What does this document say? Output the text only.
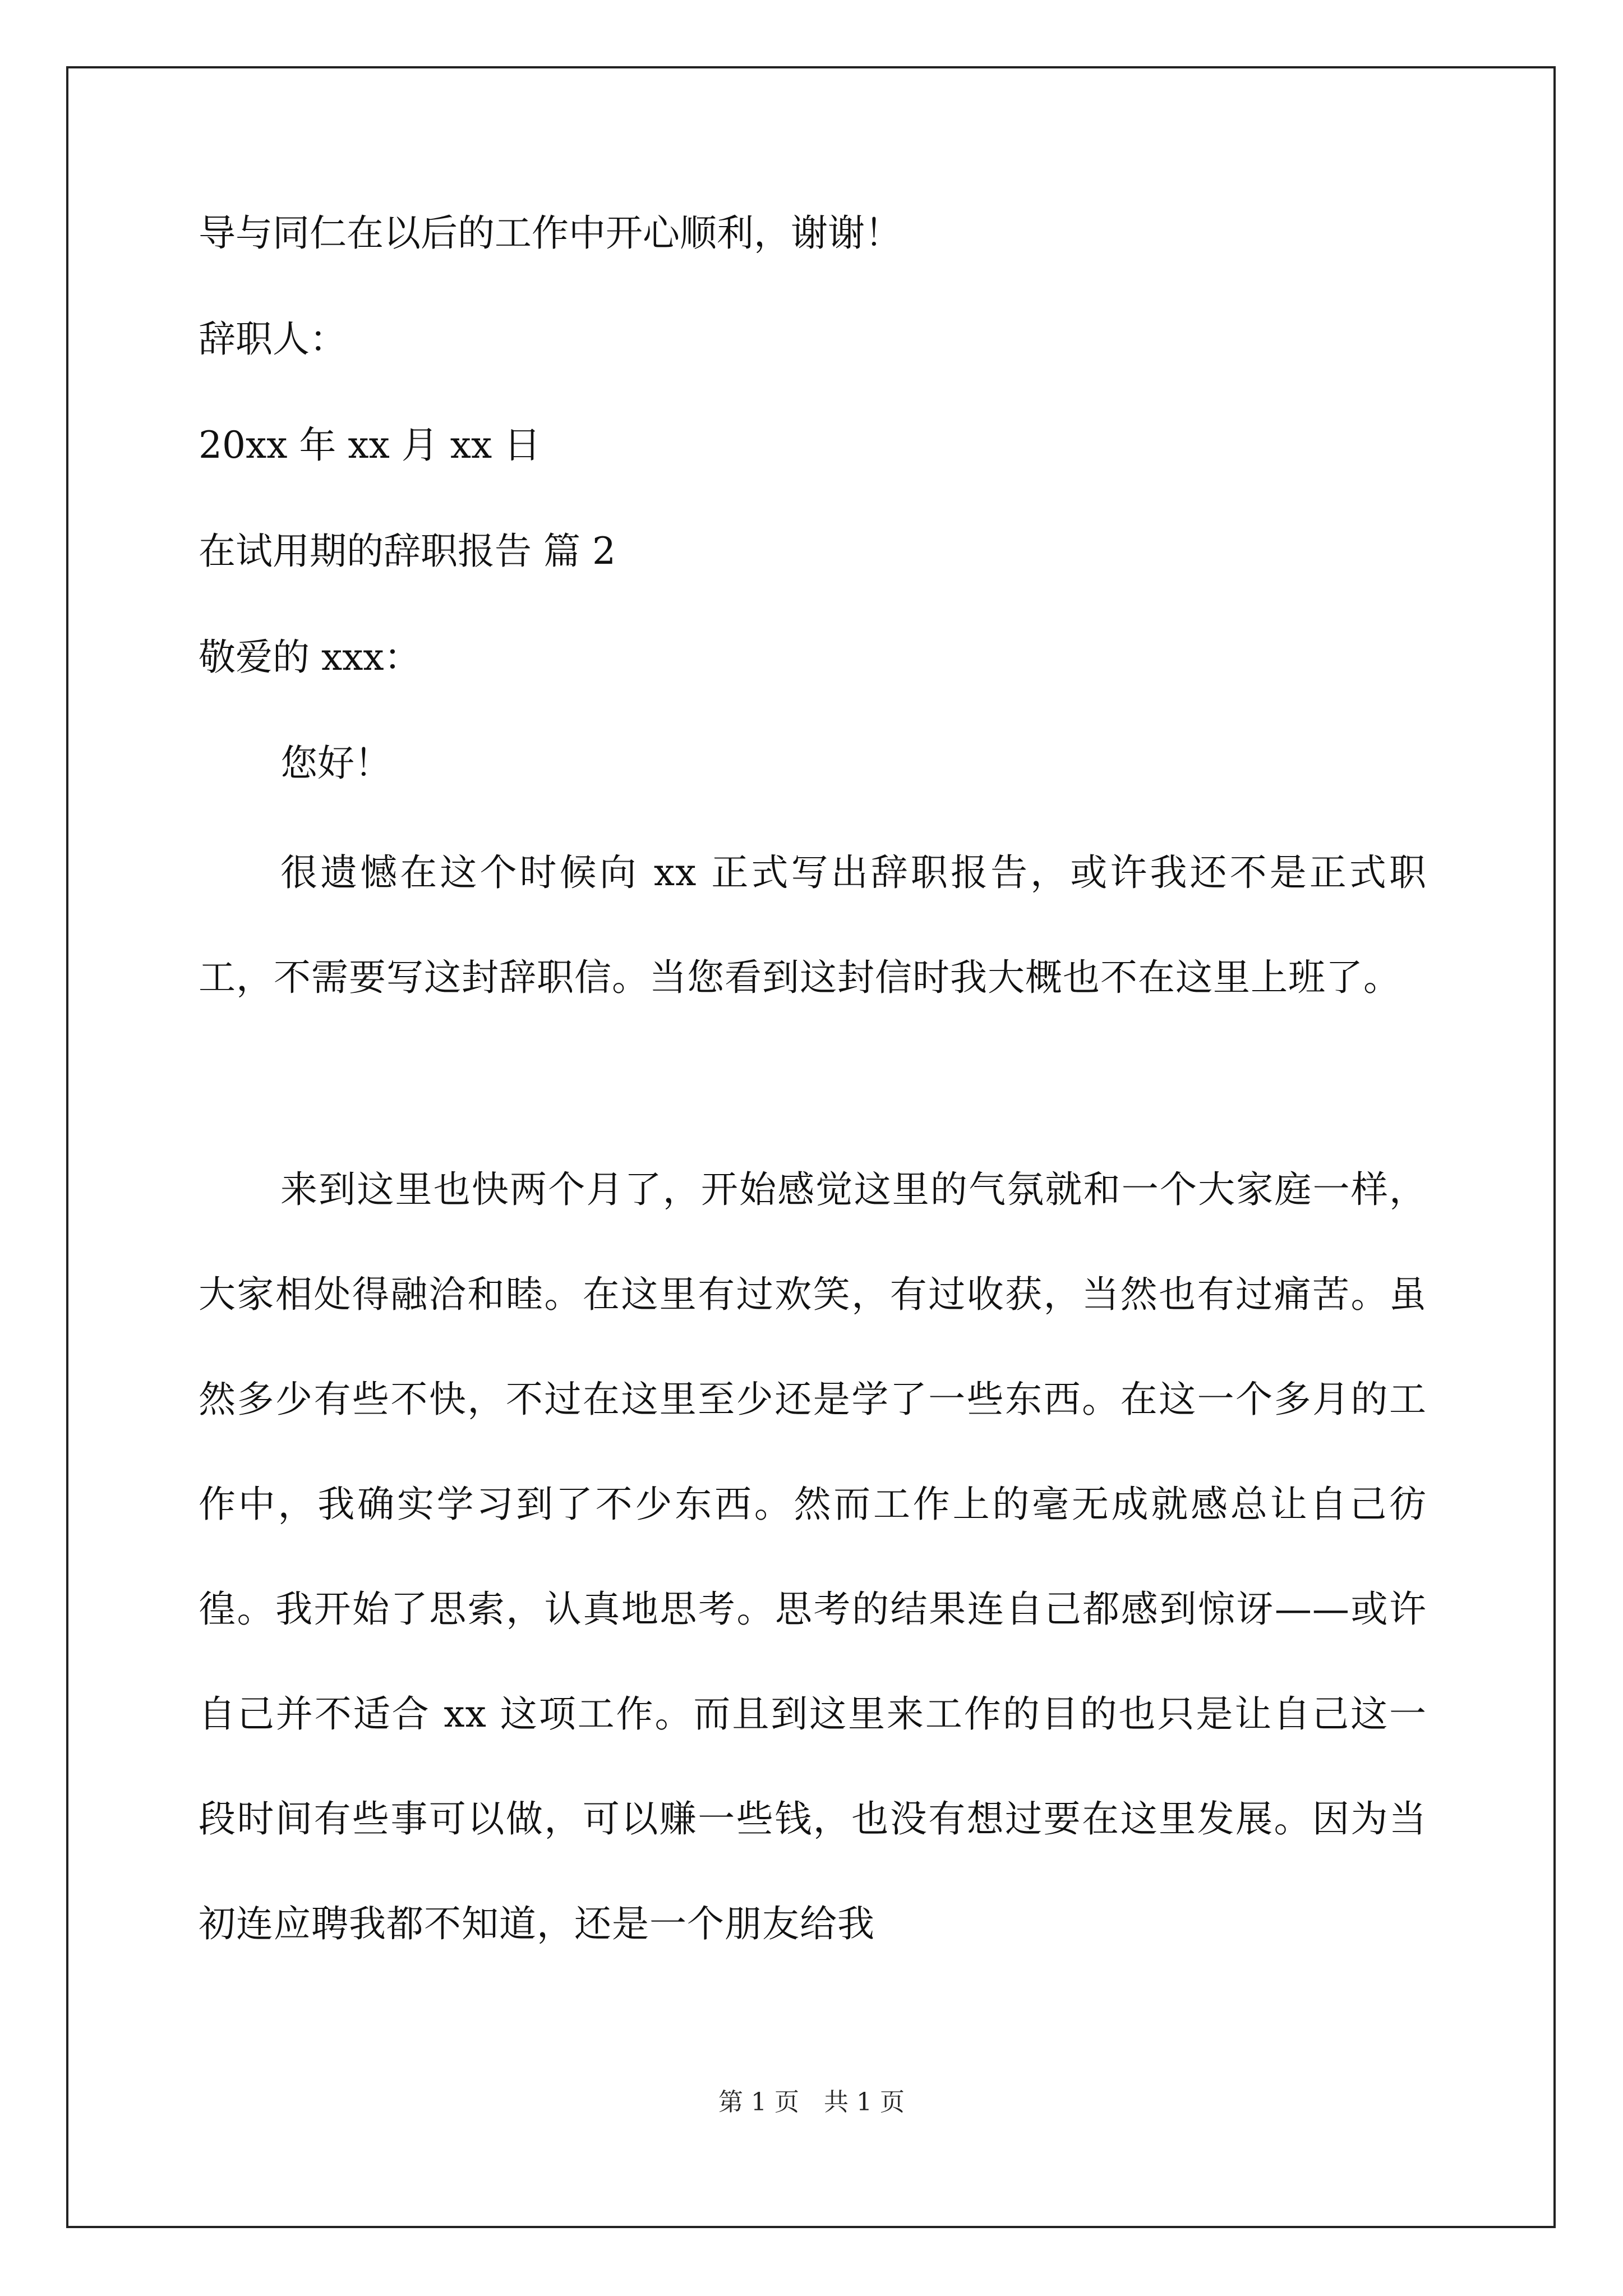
导与同仁在以后的工作中开心顺利，谢谢！
辞职人：
20xx 年 xx 月 xx 日
在试用期的辞职报告 篇 2
敬爱的 xxx：
您好！
很遗憾在这个时候向 xx 正式写出辞职报告，或许我还不是正式职工，不需要写这封辞职信。当您看到这封信时我大概也不在这里上班了。
来到这里也快两个月了，开始感觉这里的气氛就和一个大家庭一样，大家相处得融洽和睦。在这里有过欢笑，有过收获，当然也有过痛苦。虽然多少有些不快，不过在这里至少还是学了一些东西。在这一个多月的工作中，我确实学习到了不少东西。然而工作上的毫无成就感总让自己彷徨。我开始了思索，认真地思考。思考的结果连自己都感到惊讶——或许自己并不适合 xx 这项工作。而且到这里来工作的目的也只是让自己这一段时间有些事可以做，可以赚一些钱，也没有想过要在这里发展。因为当初连应聘我都不知道，还是一个朋友给我
第 1 页　共 1 页
